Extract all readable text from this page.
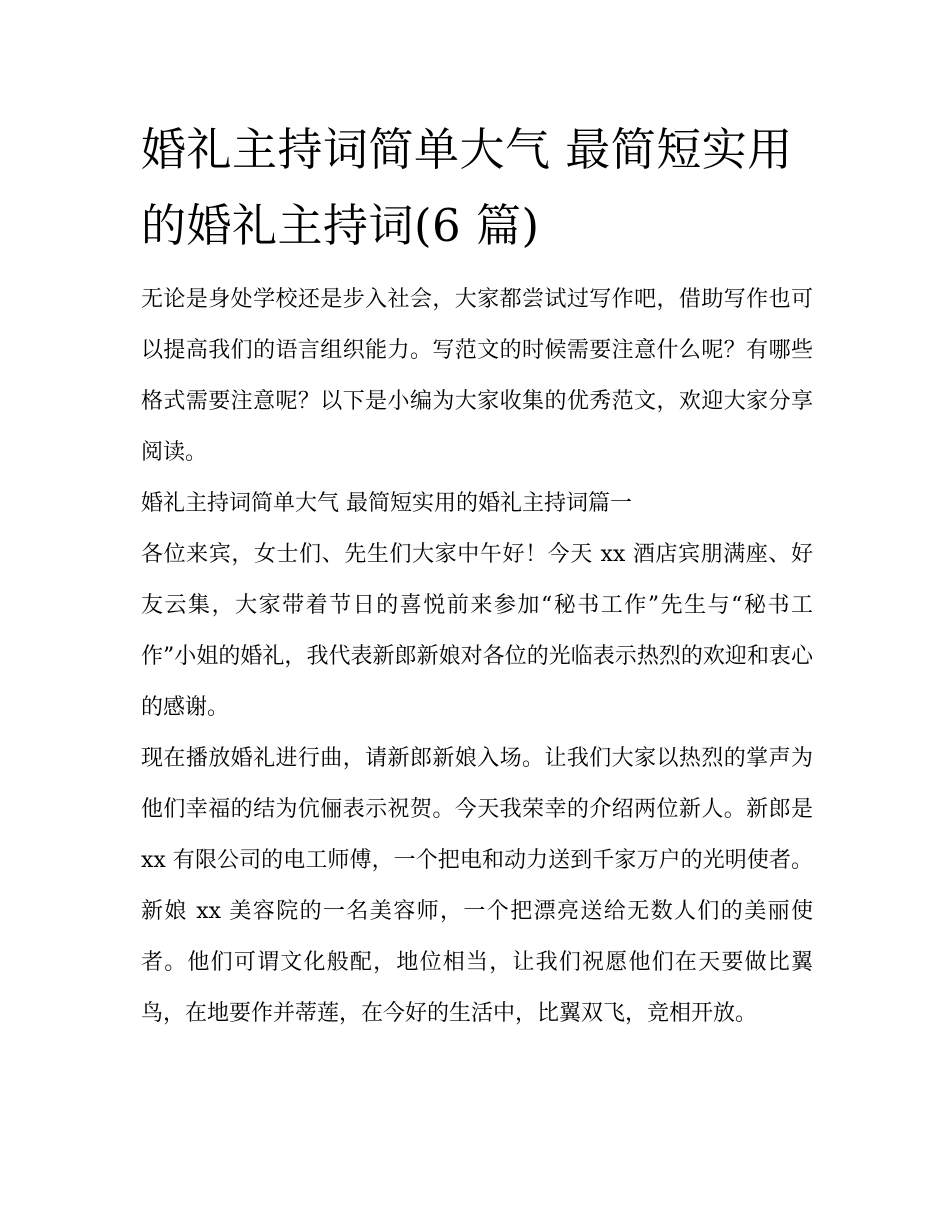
婚礼主持词简单大气 最简短实用的婚礼主持词(6 篇)

无论是身处学校还是步入社会，大家都尝试过写作吧，借助写作也可以提高我们的语言组织能力。写范文的时候需要注意什么呢？有哪些格式需要注意呢？以下是小编为大家收集的优秀范文，欢迎大家分享阅读。

婚礼主持词简单大气 最简短实用的婚礼主持词篇一

各位来宾，女士们、先生们大家中午好！今天 xx 酒店宾朋满座、好友云集，大家带着节日的喜悦前来参加“秘书工作”先生与“秘书工作”小姐的婚礼，我代表新郎新娘对各位的光临表示热烈的欢迎和衷心的感谢。

现在播放婚礼进行曲，请新郎新娘入场。让我们大家以热烈的掌声为他们幸福的结为伉俪表示祝贺。今天我荣幸的介绍两位新人。新郎是 xx 有限公司的电工师傅，一个把电和动力送到千家万户的光明使者。新娘 xx 美容院的一名美容师，一个把漂亮送给无数人们的美丽使者。他们可谓文化般配，地位相当，让我们祝愿他们在天要做比翼鸟，在地要作并蒂莲，在今好的生活中，比翼双飞，竞相开放。
